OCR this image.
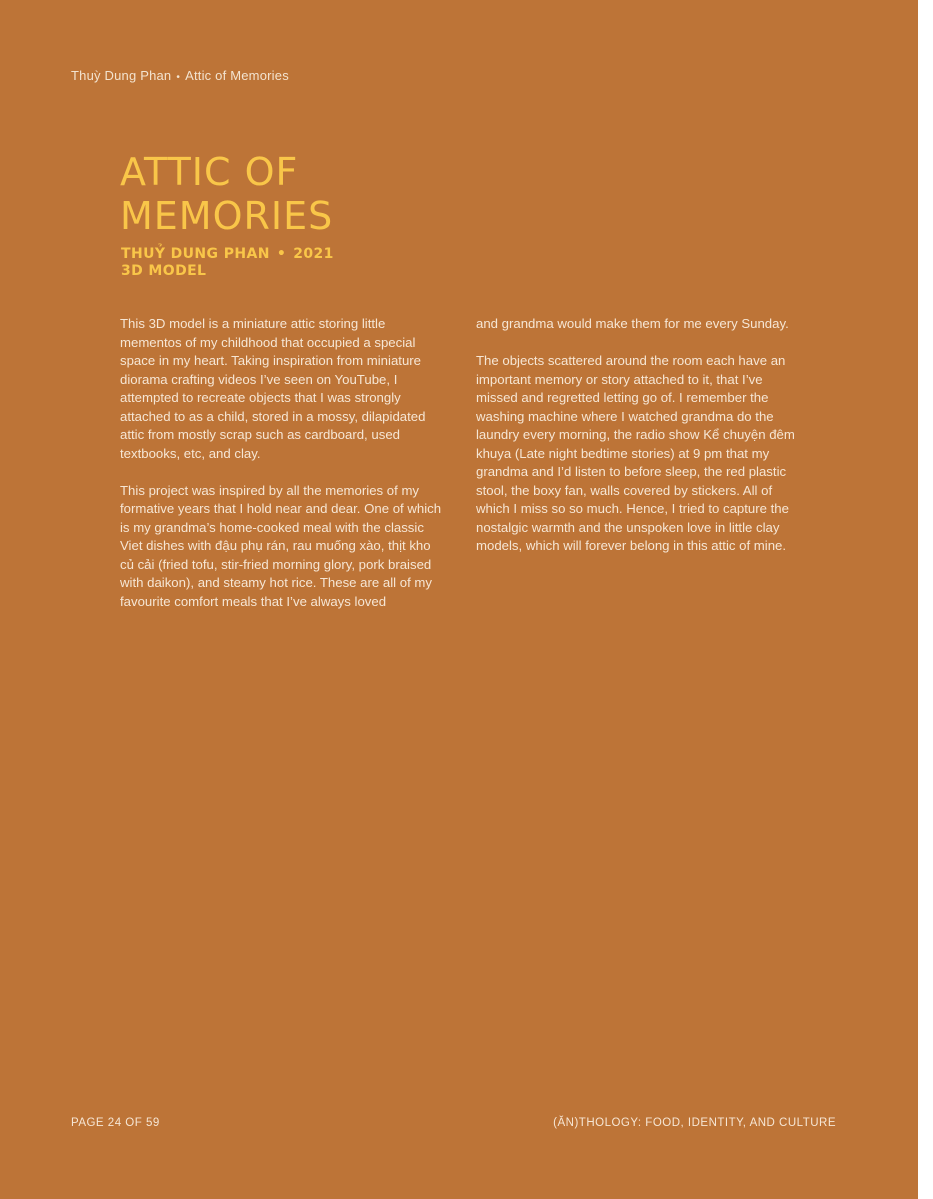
Thuỳ Dung Phan • Attic of Memories
ATTIC OF MEMORIES
THUỶ DUNG PHAN • 2021
3D MODEL

This 3D model is a miniature attic storing little mementos of my childhood that occupied a special space in my heart. Taking inspiration from miniature diorama crafting videos I’ve seen on YouTube, I attempted to recreate objects that I was strongly attached to as a child, stored in a mossy, dilapidated attic from mostly scrap such as cardboard, used textbooks, etc, and clay.

This project was inspired by all the memories of my formative years that I hold near and dear. One of which is my grandma’s home-cooked meal with the classic Viet dishes with đậu phụ rán, rau muống xào, thịt kho củ cải (fried tofu, stir-fried morning glory, pork braised with daikon), and steamy hot rice. These are all of my favourite comfort meals that I’ve always loved

and grandma would make them for me every Sunday.

The objects scattered around the room each have an important memory or story attached to it, that I’ve missed and regretted letting go of. I remember the washing machine where I watched grandma do the laundry every morning, the radio show Kể chuyện đêm khuya (Late night bedtime stories) at 9 pm that my grandma and I’d listen to before sleep, the red plastic stool, the boxy fan, walls covered by stickers. All of which I miss so so much. Hence, I tried to capture the nostalgic warmth and the unspoken love in little clay models, which will forever belong in this attic of mine.

PAGE 24 OF 59	(ĂN)THOLOGY: FOOD, IDENTITY, AND CULTURE
